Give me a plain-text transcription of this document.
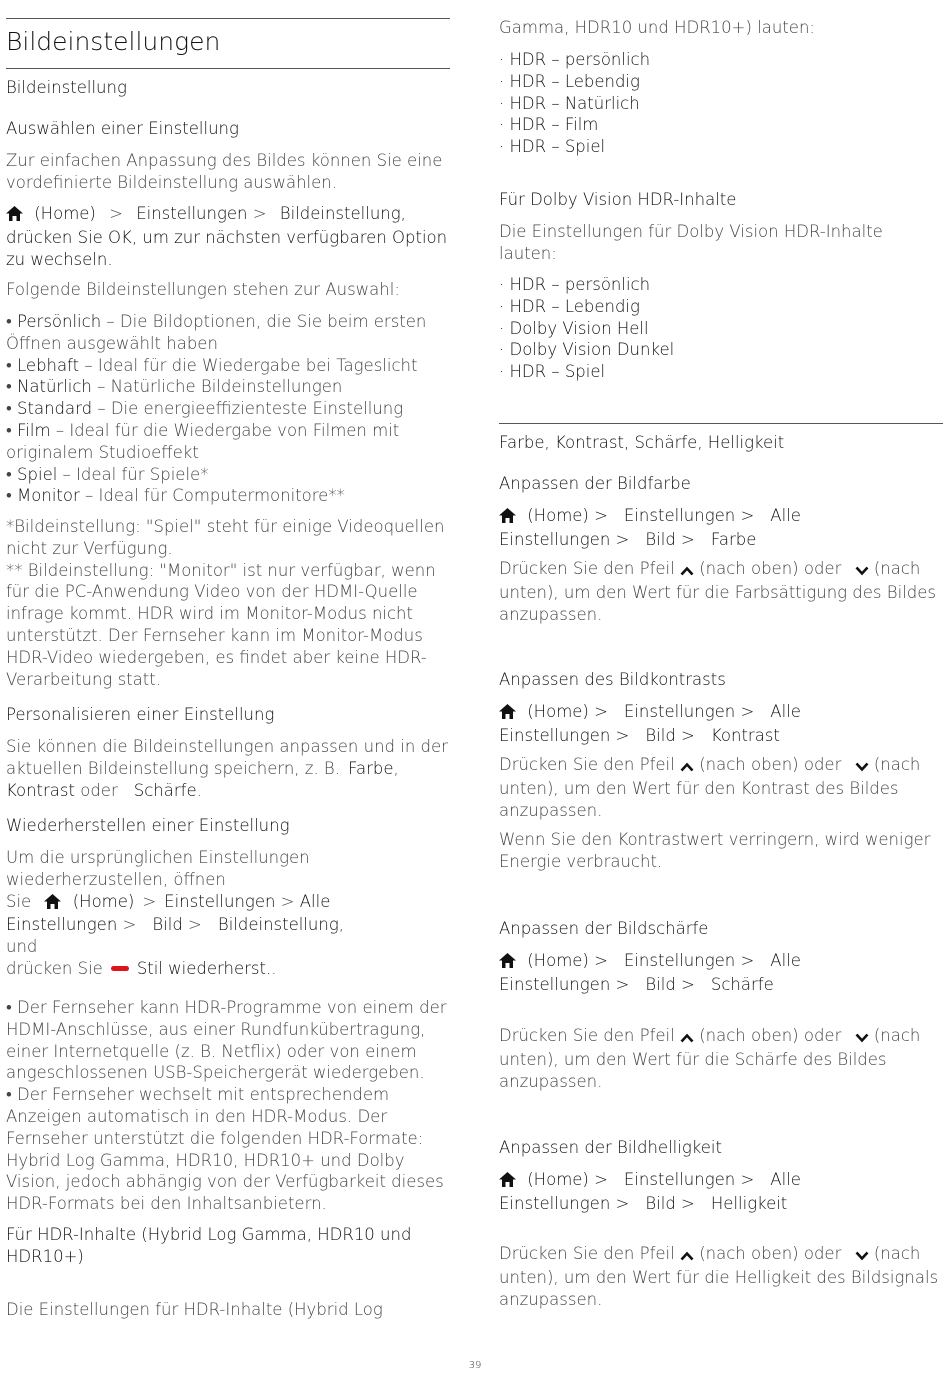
Bildeinstellungen
Bildeinstellung
Auswählen einer Einstellung

Zur einfachen Anpassung des Bildes können Sie eine vordefinierte Bildeinstellung auswählen.

(Home) > Einstellungen > Bildeinstellung, drücken Sie OK, um zur nächsten verfügbaren Option zu wechseln.

Folgende Bildeinstellungen stehen zur Auswahl:

• Persönlich – Die Bildoptionen, die Sie beim ersten Öffnen ausgewählt haben
• Lebhaft – Ideal für die Wiedergabe bei Tageslicht
• Natürlich – Natürliche Bildeinstellungen
• Standard – Die energieeffizienteste Einstellung
• Film – Ideal für die Wiedergabe von Filmen mit originalem Studioeffekt
• Spiel – Ideal für Spiele*
• Monitor – Ideal für Computermonitore**

*Bildeinstellung: "Spiel" steht für einige Videoquellen nicht zur Verfügung.
** Bildeinstellung: "Monitor" ist nur verfügbar, wenn für die PC-Anwendung Video von der HDMI-Quelle infrage kommt. HDR wird im Monitor-Modus nicht unterstützt. Der Fernseher kann im Monitor-Modus HDR-Video wiedergeben, es findet aber keine HDR-Verarbeitung statt.

Personalisieren einer Einstellung

Sie können die Bildeinstellungen anpassen und in der aktuellen Bildeinstellung speichern, z. B. Farbe,Kontrast oder Schärfe.

Wiederherstellen einer Einstellung

Um die ursprünglichen Einstellungen wiederherzustellen, öffnen
Sie	(Home) > Einstellungen > Alle
Einstellungen > Bild > Bildeinstellung, und
drücken Sie Stil wiederherst..

• Der Fernseher kann HDR-Programme von einem der HDMI-Anschlüsse, aus einer Rundfunkübertragung, einer Internetquelle (z. B. Netflix) oder von einem angeschlossenen USB-Speichergerät wiedergeben.
• Der Fernseher wechselt mit entsprechendem Anzeigen automatisch in den HDR-Modus. Der Fernseher unterstützt die folgenden HDR-Formate: Hybrid Log Gamma, HDR10, HDR10+ und Dolby Vision, jedoch abhängig von der Verfügbarkeit dieses HDR-Formats bei den Inhaltsanbietern.

Für HDR-Inhalte (Hybrid Log Gamma, HDR10 und HDR10+)

Die Einstellungen für HDR-Inhalte (Hybrid Log

Gamma, HDR10 und HDR10+) lauten:

· HDR – persönlich
· HDR – Lebendig
· HDR – Natürlich
· HDR – Film
· HDR – Spiel
Für Dolby Vision HDR-Inhalte

Die Einstellungen für Dolby Vision HDR-Inhalte lauten:

· HDR – persönlich
· HDR – Lebendig
· Dolby Vision Hell
· Dolby Vision Dunkel
· HDR – Spiel
Farbe, Kontrast, Schärfe, Helligkeit
Anpassen der Bildfarbe

(Home) > Einstellungen > Alle
Einstellungen > Bild > Farbe

Drücken Sie den Pfeil (nach oben) oder (nach
unten), um den Wert für die Farbsättigung des Bildes anzupassen.

Anpassen des Bildkontrasts

(Home) > Einstellungen > Alle
Einstellungen > Bild > Kontrast

Drücken Sie den Pfeil (nach oben) oder (nach
unten), um den Wert für den Kontrast des Bildes anzupassen.

Wenn Sie den Kontrastwert verringern, wird weniger Energie verbraucht.

Anpassen der Bildschärfe

(Home) > Einstellungen > Alle
Einstellungen > Bild > Schärfe

Drücken Sie den Pfeil (nach oben) oder (nach
unten), um den Wert für die Schärfe des Bildes anzupassen.

Anpassen der Bildhelligkeit

(Home) > Einstellungen > Alle
Einstellungen > Bild > Helligkeit

Drücken Sie den Pfeil (nach oben) oder (nach
unten), um den Wert für die Helligkeit des Bildsignals anzupassen.

39
